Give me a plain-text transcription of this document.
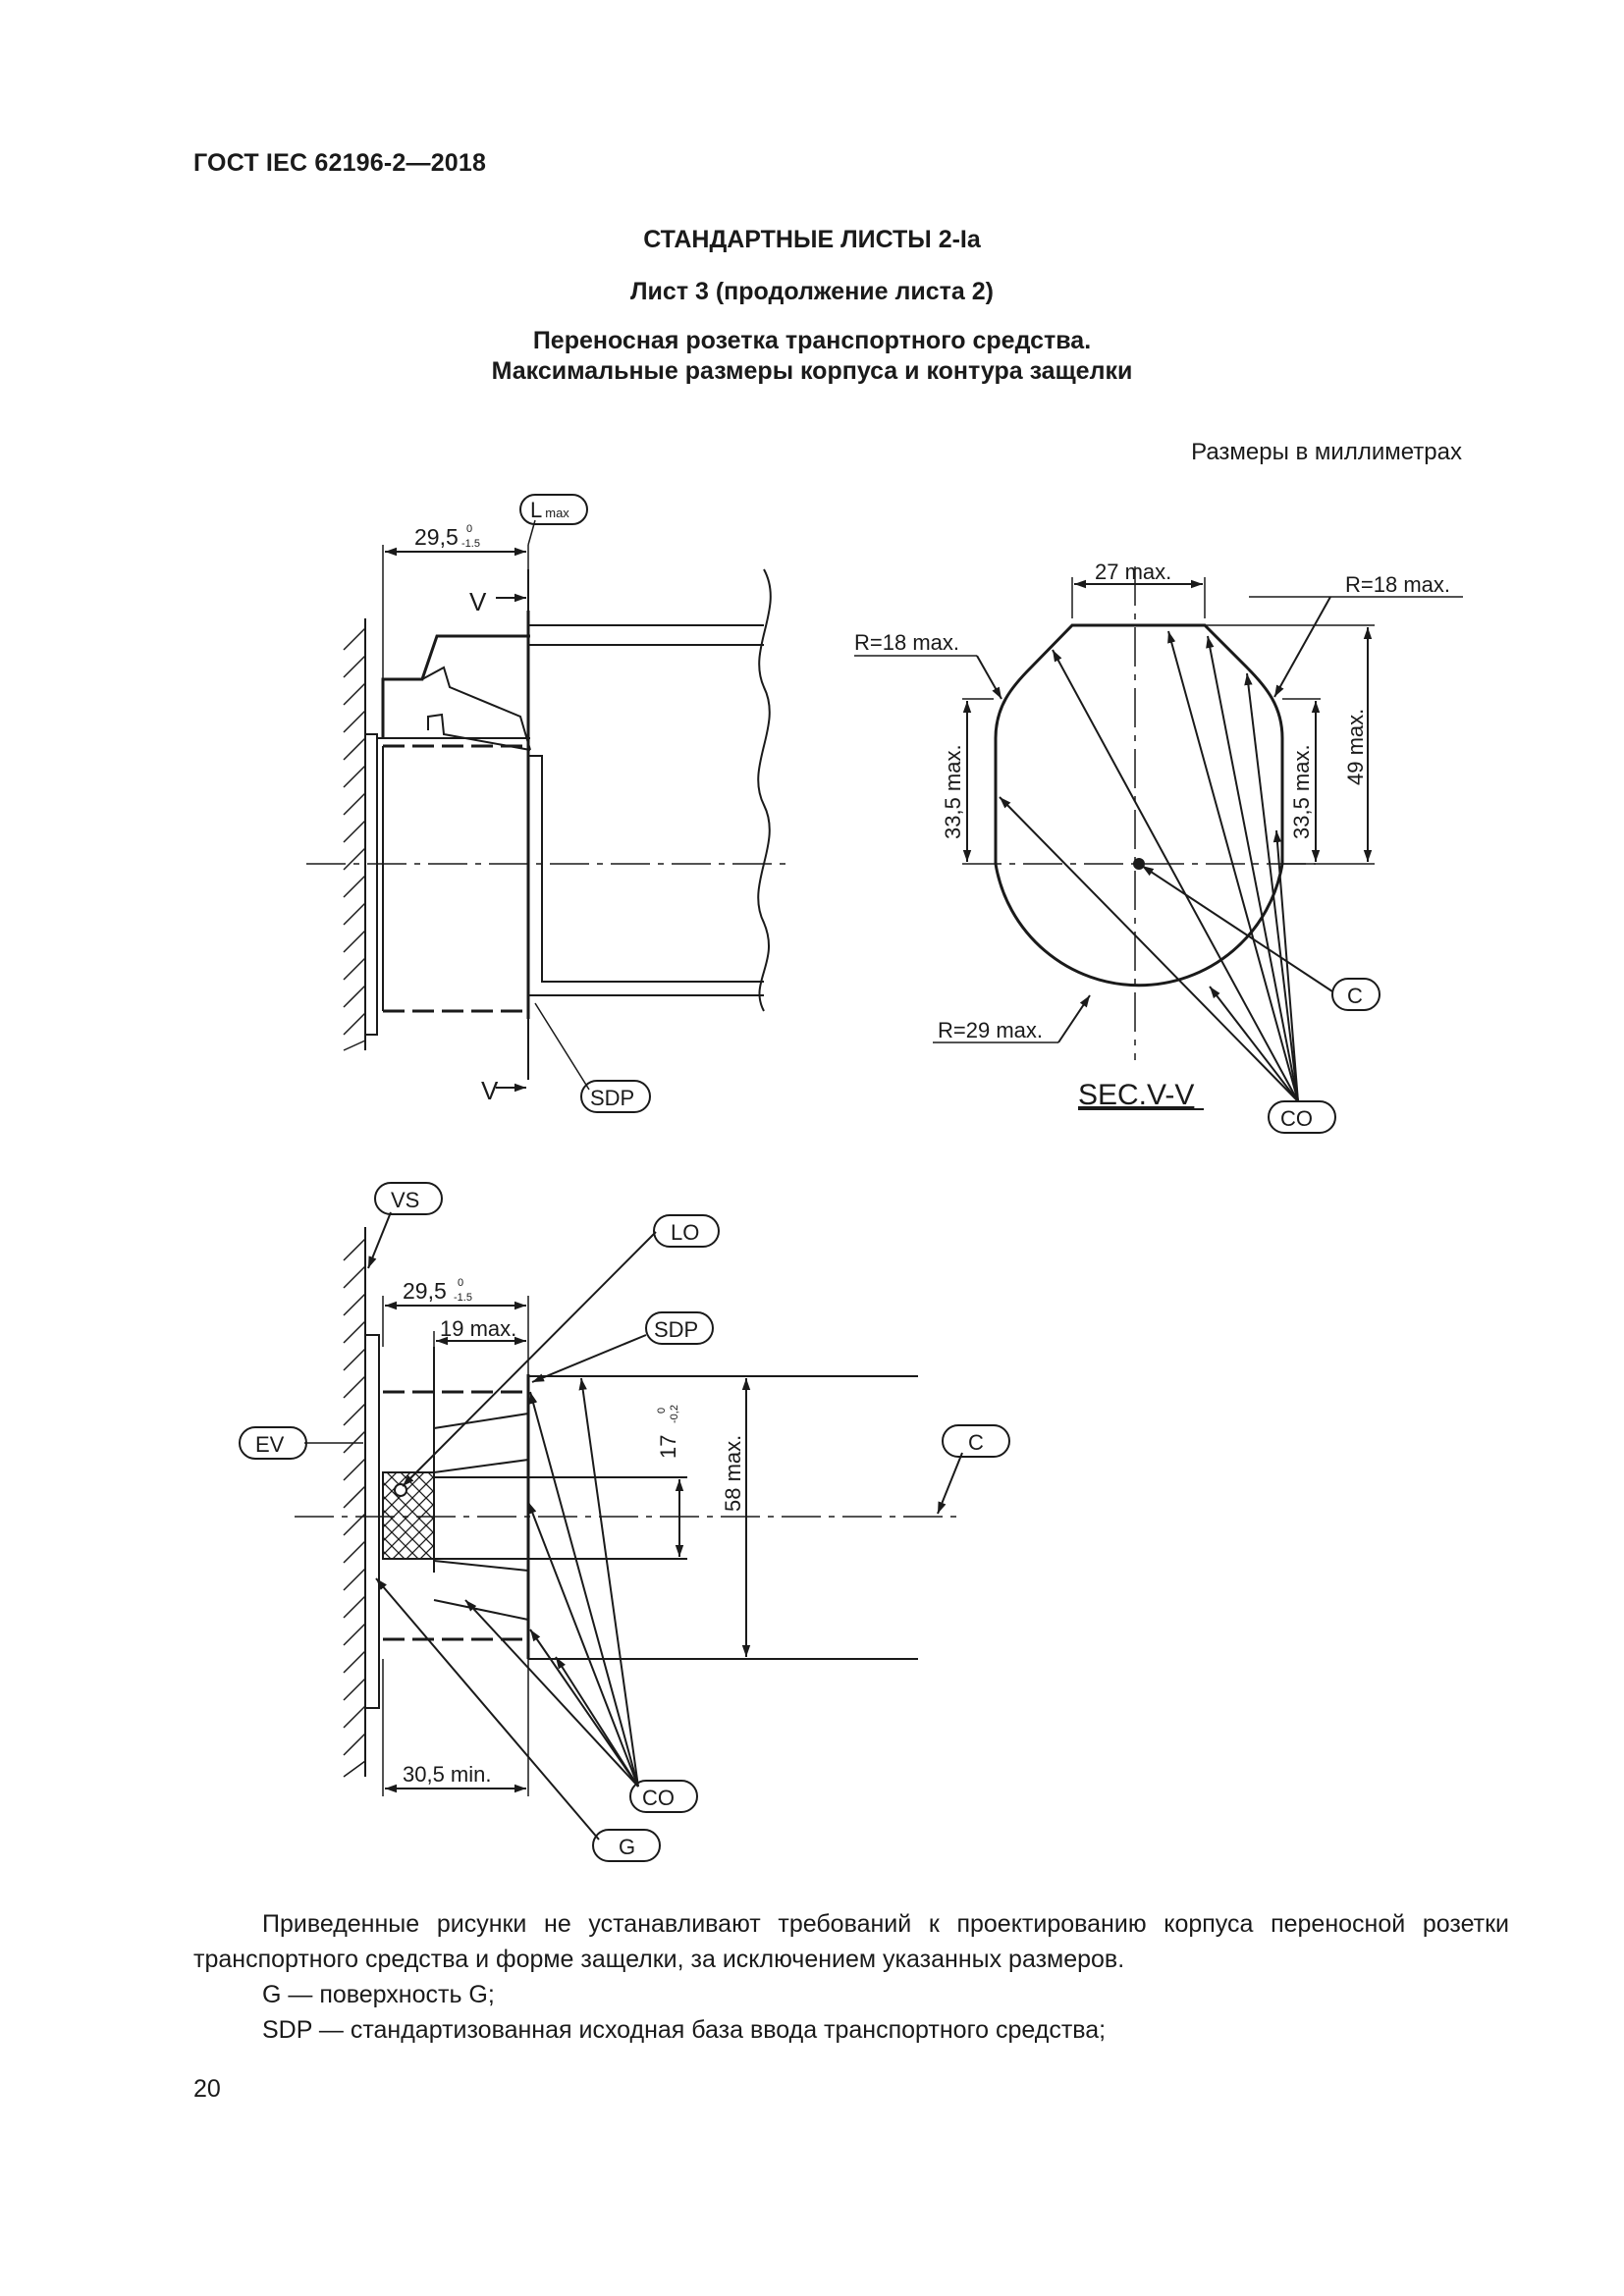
ГОСТ IEC 62196-2—2018
СТАНДАРТНЫЕ ЛИСТЫ 2-Ia
Лист 3 (продолжение листа 2)
Переносная розетка транспортного средства.
Максимальные размеры корпуса и контура защелки
Размеры в миллиметрах
V
V
29,5 0
-1.5
Lmax
SDP
27 max.
R=18 max.
R=18 max.
33,5 max.	33,5 max. 49 max.
R=29 max.
C
CO
SEC.V-V
VS
EV
29,5 0
-1.5
19 max.
LO
SDP
17
0 -0,2
58 max.	C
CO
30,5 min.
G
Приведенные рисунки не устанавливают требований к проектированию корпуса переносной розетки транспортного средства и форме защелки, за исключением указанных размеров.
G — поверхность G;
SDP — стандартизованная исходная база ввода транспортного средства;
20
